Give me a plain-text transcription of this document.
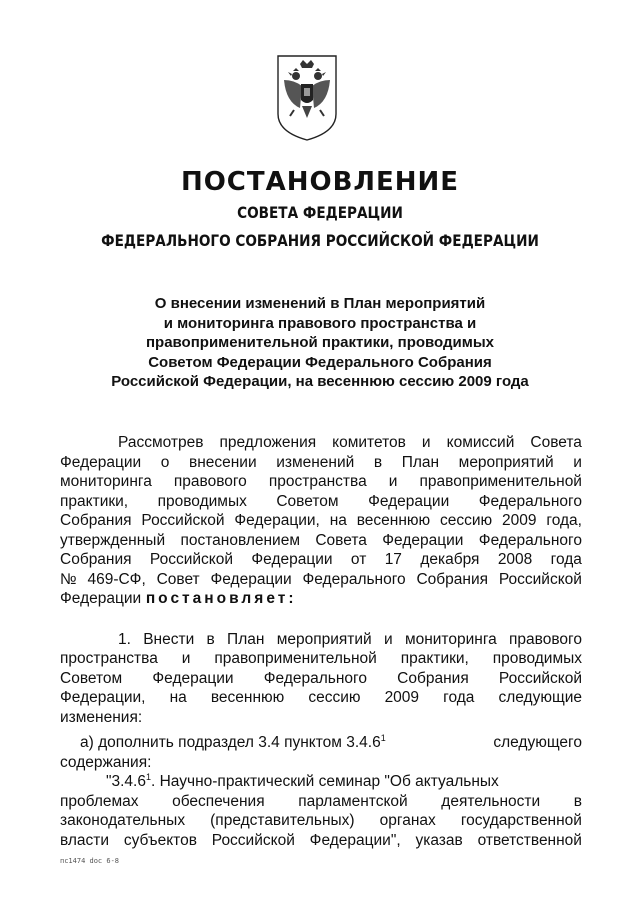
ПОСТАНОВЛЕНИЕ
СОВЕТА ФЕДЕРАЦИИ
ФЕДЕРАЛЬНОГО СОБРАНИЯ РОССИЙСКОЙ ФЕДЕРАЦИИ
О внесении изменений в План мероприятий
и мониторинга правового пространства и
правоприменительной практики, проводимых
Советом Федерации Федерального Собрания
Российской Федерации, на весеннюю сессию 2009 года
Рассмотрев предложения комитетов и комиссий Совета
Федерации о внесении изменений в План мероприятий и
мониторинга правового пространства и правоприменительной
практики, проводимых Советом Федерации Федерального
Собрания Российской Федерации, на весеннюю сессию 2009 года,
утвержденный постановлением Совета Федерации Федерального
Собрания Российской Федерации от 17 декабря 2008 года
№ 469-СФ, Совет Федерации Федерального Собрания Российской
Федерации постановляет:
1. Внести в План мероприятий и мониторинга правового
пространства и правоприменительной практики, проводимых
Советом Федерации Федерального Собрания Российской
Федерации, на весеннюю сессию 2009 года следующие
изменения:
а) дополнить подраздел 3.4 пунктом 3.4.6$^1$	следующего
содержания:
"3.4.6$^1$. Научно-практический семинар "Об актуальных
проблемах обеспечения парламентской деятельности в
законодательных (представительных) органах государственной
власти субъектов Российской Федерации", указав ответственной
пс1474 doc 6-8
